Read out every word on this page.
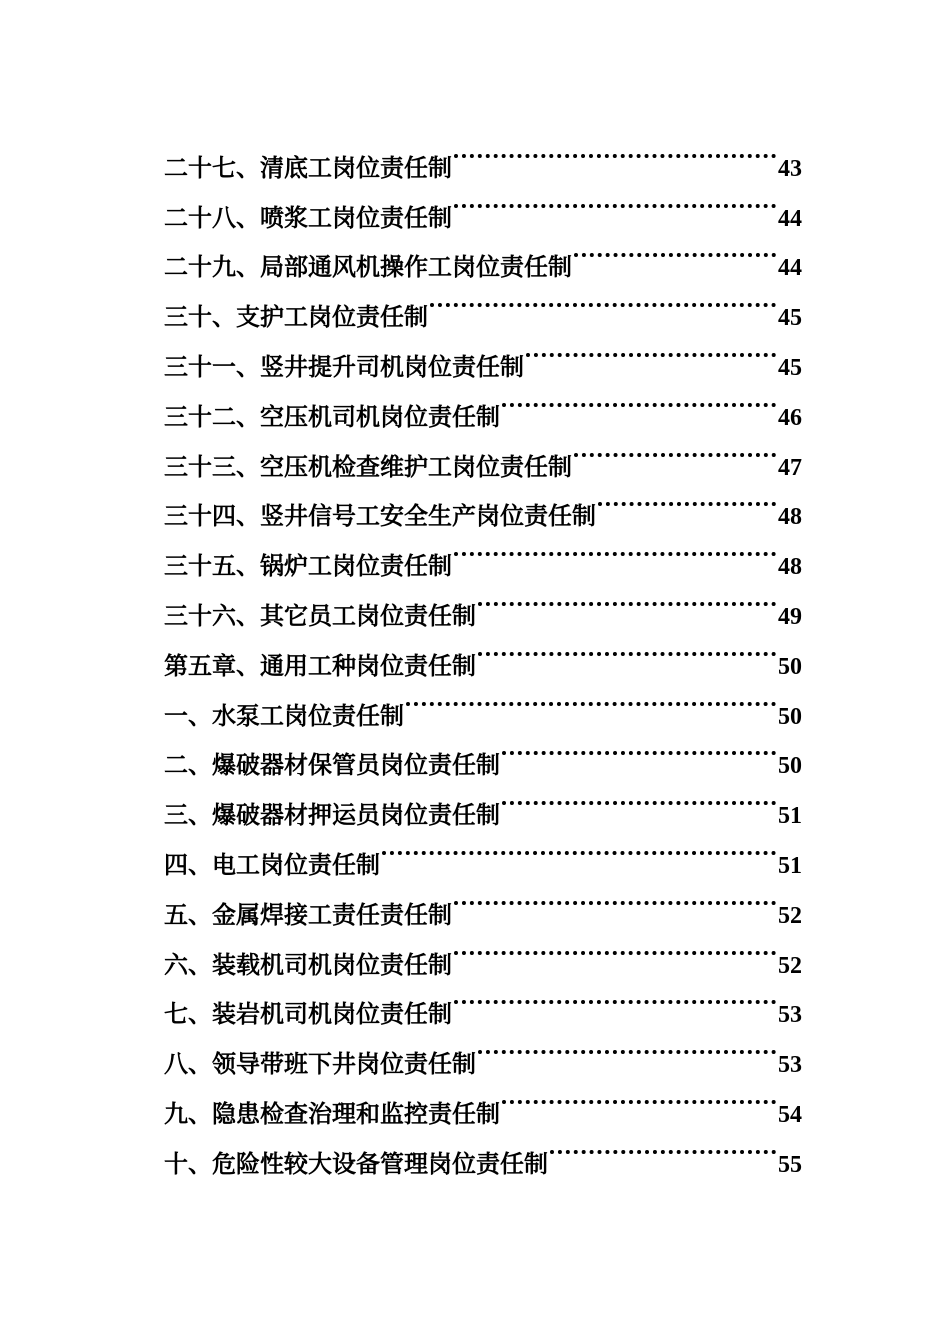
二十七、清底工岗位责任制	43
二十八、喷浆工岗位责任制	44
二十九、局部通风机操作工岗位责任制	44
三十、支护工岗位责任制	45
三十一、竖井提升司机岗位责任制	45
三十二、空压机司机岗位责任制	46
三十三、空压机检查维护工岗位责任制	47
三十四、竖井信号工安全生产岗位责任制	48
三十五、锅炉工岗位责任制	48
三十六、其它员工岗位责任制	49
第五章、通用工种岗位责任制	50
一、水泵工岗位责任制	50
二、爆破器材保管员岗位责任制	50
三、爆破器材押运员岗位责任制	51
四、电工岗位责任制	51
五、金属焊接工责任责任制	52
六、装载机司机岗位责任制	52
七、装岩机司机岗位责任制	53
八、领导带班下井岗位责任制	53
九、隐患检查治理和监控责任制	54
十、危险性较大设备管理岗位责任制	55
